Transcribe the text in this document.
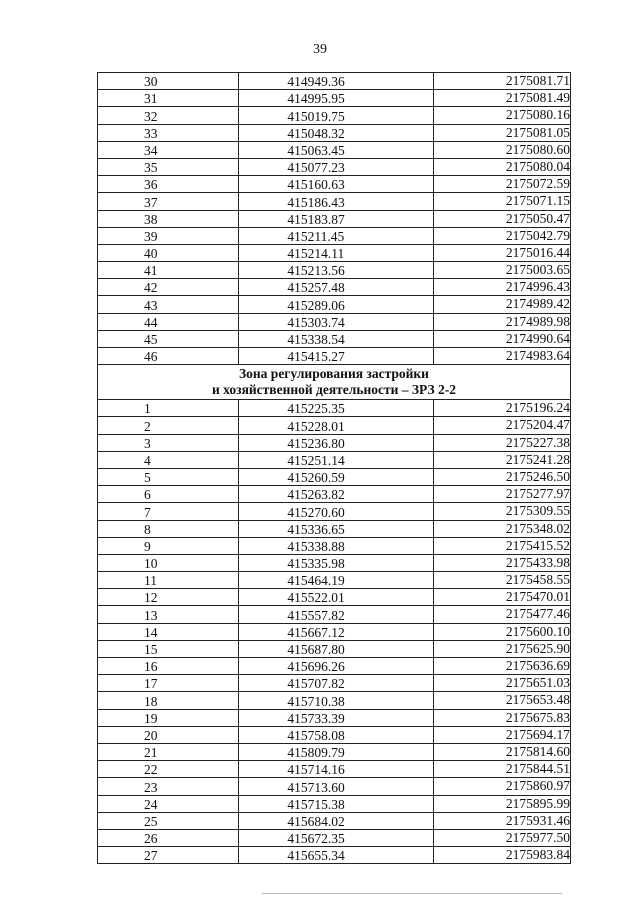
39
30	414949.36	2175081.71
31	414995.95	2175081.49
32	415019.75	2175080.16
33	415048.32	2175081.05
34	415063.45	2175080.60
35	415077.23	2175080.04
36	415160.63	2175072.59
37	415186.43	2175071.15
38	415183.87	2175050.47
39	415211.45	2175042.79
40	415214.11	2175016.44
41	415213.56	2175003.65
42	415257.48	2174996.43
43	415289.06	2174989.42
44	415303.74	2174989.98
45	415338.54	2174990.64
46	415415.27	2174983.64

Зона регулирования застройки
и хозяйственной деятельности – ЗРЗ 2-2		

1	415225.35	2175196.24
2	415228.01	2175204.47
3	415236.80	2175227.38
4	415251.14	2175241.28
5	415260.59	2175246.50
6	415263.82	2175277.97
7	415270.60	2175309.55
8	415336.65	2175348.02
9	415338.88	2175415.52
10	415335.98	2175433.98
11	415464.19	2175458.55
12	415522.01	2175470.01
13	415557.82	2175477.46
14	415667.12	2175600.10
15	415687.80	2175625.90
16	415696.26	2175636.69
17	415707.82	2175651.03
18	415710.38	2175653.48
19	415733.39	2175675.83
20	415758.08	2175694.17
21	415809.79	2175814.60
22	415714.16	2175844.51
23	415713.60	2175860.97
24	415715.38	2175895.99
25	415684.02	2175931.46
26	415672.35	2175977.50
27	415655.34	2175983.84
